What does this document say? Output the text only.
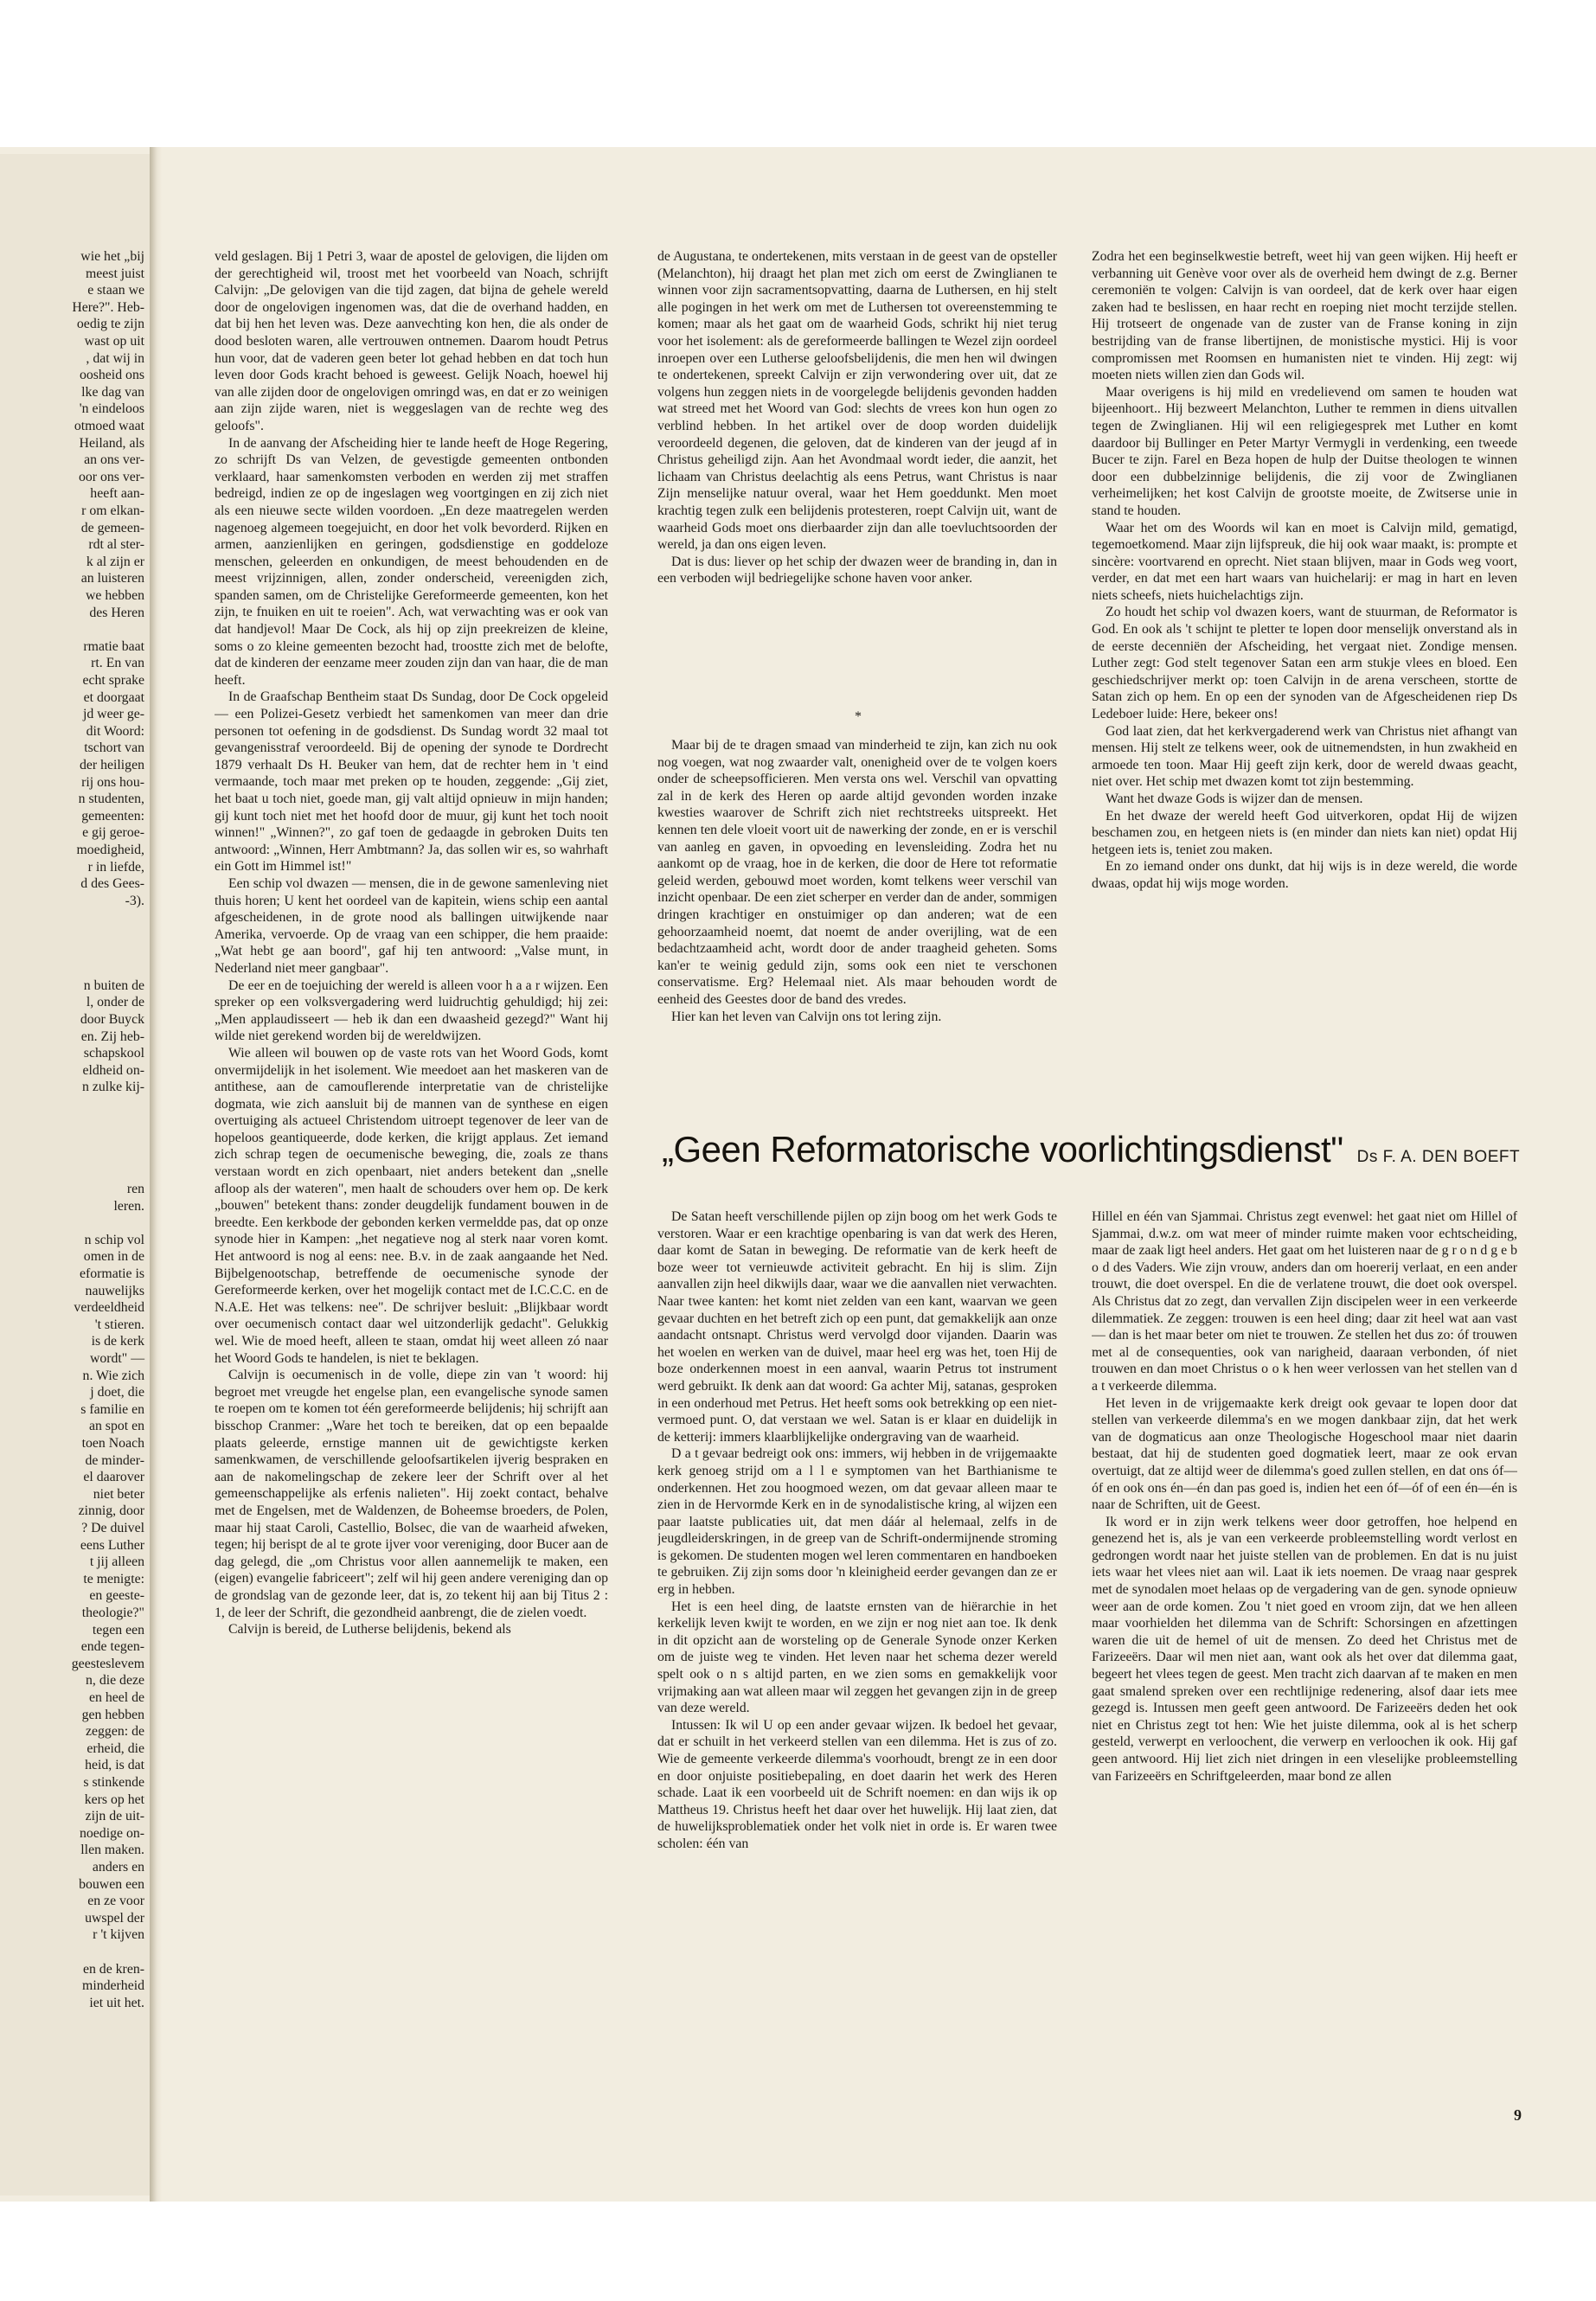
wie het „bij
meest juist
e staan we
Here?". Heb-
oedig te zijn
wast op uit
, dat wij in
oosheid ons
lke dag van
'n eindeloos
otmoed waat
Heiland, als
an ons ver-
oor ons ver-
heeft aan-
r om elkan-
de gemeen-
rdt al ster-
k al zijn er
an luisteren
we hebben
des Heren
rmatie baat
rt. En van
echt sprake
et doorgaat
jd weer ge-
dit Woord:
tschort van
der heiligen
rij ons hou-
n studenten,
gemeenten:
e gij geroe-
moedigheid,
r in liefde,
d des Gees-
-3).
n buiten de
l, onder de
door Buyck
en. Zij heb-
schapskool
eldheid on-
n zulke kij-
ren
leren.
n schip vol
omen in de
eformatie is
nauwelijks
verdeeldheid
't stieren.
is de kerk
wordt" —
n. Wie zich
j doet, die
s familie en
an spot en
toen Noach
de minder-
el daarover
niet beter
zinnig, door
? De duivel
eens Luther
t jij alleen
te menigte:
en geeste-
theologie?"
tegen een
ende tegen-
geesteslevem
n, die deze
en heel de
gen hebben
zeggen: de
erheid, die
heid, is dat
s stinkende
kers op het
zijn de uit-
noedige on-
llen maken.
anders en
bouwen een
en ze voor
uwspel der
r 't kijven
en de kren-
minderheid
iet uit het.

veld geslagen. Bij 1 Petri 3, waar de apostel de gelovigen, die lijden om der gerechtigheid wil, troost met het voorbeeld van Noach, schrijft Calvijn: „De gelovigen van die tijd zagen, dat bijna de gehele wereld door de ongelovigen ingenomen was, dat die de overhand hadden, en dat bij hen het leven was. Deze aanvechting kon hen, die als onder de dood besloten waren, alle vertrouwen ontnemen. Daarom houdt Petrus hun voor, dat de vaderen geen beter lot gehad hebben en dat toch hun leven door Gods kracht behoed is geweest. Gelijk Noach, hoewel hij van alle zijden door de ongelovigen omringd was, en dat er zo weinigen aan zijn zijde waren, niet is weggeslagen van de rechte weg des geloofs".

In de aanvang der Afscheiding hier te lande heeft de Hoge Regering, zo schrijft Ds van Velzen, de gevestigde gemeenten ontbonden verklaard, haar samenkomsten verboden en werden zij met straffen bedreigd, indien ze op de ingeslagen weg voortgingen en zij zich niet als een nieuwe secte wilden voordoen. „En deze maatregelen werden nagenoeg algemeen toegejuicht, en door het volk bevorderd. Rijken en armen, aanzienlijken en geringen, godsdienstige en goddeloze menschen, geleerden en onkundigen, de meest behoudenden en de meest vrijzinnigen, allen, zonder onderscheid, vereenigden zich, spanden samen, om de Christelijke Gereformeerde gemeenten, kon het zijn, te fnuiken en uit te roeien". Ach, wat verwachting was er ook van dat handjevol! Maar De Cock, als hij op zijn preekreizen de kleine, soms o zo kleine gemeenten bezocht had, troostte zich met de belofte, dat de kinderen der eenzame meer zouden zijn dan van haar, die de man heeft.

In de Graafschap Bentheim staat Ds Sundag, door De Cock opgeleid — een Polizei-Gesetz verbiedt het samenkomen van meer dan drie personen tot oefening in de godsdienst. Ds Sundag wordt 32 maal tot gevangenisstraf veroordeeld. Bij de opening der synode te Dordrecht 1879 verhaalt Ds H. Beuker van hem, dat de rechter hem in 't eind vermaande, toch maar met preken op te houden, zeggende: „Gij ziet, het baat u toch niet, goede man, gij valt altijd opnieuw in mijn handen; gij kunt toch niet met het hoofd door de muur, gij kunt het toch nooit winnen!" „Winnen?", zo gaf toen de gedaagde in gebroken Duits ten antwoord: „Winnen, Herr Ambtmann? Ja, das sollen wir es, so wahrhaft ein Gott im Himmel ist!"

Een schip vol dwazen — mensen, die in de gewone samenleving niet thuis horen; U kent het oordeel van de kapitein, wiens schip een aantal afgescheidenen, in de grote nood als ballingen uitwijkende naar Amerika, vervoerde. Op de vraag van een schipper, die hem praaide: „Wat hebt ge aan boord", gaf hij ten antwoord: „Valse munt, in Nederland niet meer gangbaar".

De eer en de toejuiching der wereld is alleen voor h a a r wijzen. Een spreker op een volksvergadering werd luidruchtig gehuldigd; hij zei: „Men applaudisseert — heb ik dan een dwaasheid gezegd?" Want hij wilde niet gerekend worden bij de wereldwijzen.

Wie alleen wil bouwen op de vaste rots van het Woord Gods, komt onvermijdelijk in het isolement. Wie meedoet aan het maskeren van de antithese, aan de camouflerende interpretatie van de christelijke dogmata, wie zich aansluit bij de mannen van de synthese en eigen overtuiging als actueel Christendom uitroept tegenover de leer van de hopeloos geantiqueerde, dode kerken, die krijgt applaus. Zet iemand zich schrap tegen de oecumenische beweging, die, zoals ze thans verstaan wordt en zich openbaart, niet anders betekent dan „snelle afloop als der wateren", men haalt de schouders over hem op. De kerk „bouwen" betekent thans: zonder deugdelijk fundament bouwen in de breedte. Een kerkbode der gebonden kerken vermeldde pas, dat op onze synode hier in Kampen: „het negatieve nog al sterk naar voren komt. Het antwoord is nog al eens: nee. B.v. in de zaak aangaande het Ned. Bijbelgenootschap, betreffende de oecumenische synode der Gereformeerde kerken, over het mogelijk contact met de I.C.C.C. en de N.A.E. Het was telkens: nee". De schrijver besluit: „Blijkbaar wordt over oecumenisch contact daar wel uitzonderlijk gedacht". Gelukkig wel. Wie de moed heeft, alleen te staan, omdat hij weet alleen zó naar het Woord Gods te handelen, is niet te beklagen.

Calvijn is oecumenisch in de volle, diepe zin van 't woord: hij begroet met vreugde het engelse plan, een evangelische synode samen te roepen om te komen tot één gereformeerde belijdenis; hij schrijft aan bisschop Cranmer: „Ware het toch te bereiken, dat op een bepaalde plaats geleerde, ernstige mannen uit de gewichtigste kerken samenkwamen, de verschillende geloofsartikelen ijverig bespraken en aan de nakomelingschap de zekere leer der Schrift over al het gemeenschappelijke als erfenis nalieten". Hij zoekt contact, behalve met de Engelsen, met de Waldenzen, de Boheemse broeders, de Polen, maar hij staat Caroli, Castellio, Bolsec, die van de waarheid afweken, tegen; hij berispt de al te grote ijver voor vereniging, door Bucer aan de dag gelegd, die „om Christus voor allen aannemelijk te maken, een (eigen) evangelie fabriceert"; zelf wil hij geen andere vereniging dan op de grondslag van de gezonde leer, dat is, zo tekent hij aan bij Titus 2 : 1, de leer der Schrift, die gezondheid aanbrengt, die de zielen voedt.

Calvijn is bereid, de Lutherse belijdenis, bekend als

de Augustana, te ondertekenen, mits verstaan in de geest van de opsteller (Melanchton), hij draagt het plan met zich om eerst de Zwinglianen te winnen voor zijn sacramentsopvatting, daarna de Luthersen, en hij stelt alle pogingen in het werk om met de Luthersen tot overeenstemming te komen; maar als het gaat om de waarheid Gods, schrikt hij niet terug voor het isolement: als de gereformeerde ballingen te Wezel zijn oordeel inroepen over een Lutherse geloofsbelijdenis, die men hen wil dwingen te ondertekenen, spreekt Calvijn er zijn verwondering over uit, dat ze volgens hun zeggen niets in de voorgelegde belijdenis gevonden hadden wat streed met het Woord van God: slechts de vrees kon hun ogen zo verblind hebben. In het artikel over de doop worden duidelijk veroordeeld degenen, die geloven, dat de kinderen van der jeugd af in Christus geheiligd zijn. Aan het Avondmaal wordt ieder, die aanzit, het lichaam van Christus deelachtig als eens Petrus, want Christus is naar Zijn menselijke natuur overal, waar het Hem goeddunkt. Men moet krachtig tegen zulk een belijdenis protesteren, roept Calvijn uit, want de waarheid Gods moet ons dierbaarder zijn dan alle toevluchtsoorden der wereld, ja dan ons eigen leven.

Dat is dus: liever op het schip der dwazen weer de branding in, dan in een verboden wijl bedriegelijke schone haven voor anker.

*

Maar bij de te dragen smaad van minderheid te zijn, kan zich nu ook nog voegen, wat nog zwaarder valt, onenigheid over de te volgen koers onder de scheepsofficieren. Men versta ons wel. Verschil van opvatting zal in de kerk des Heren op aarde altijd gevonden worden inzake kwesties waarover de Schrift zich niet rechtstreeks uitspreekt. Het kennen ten dele vloeit voort uit de nawerking der zonde, en er is verschil van aanleg en gaven, in opvoeding en levensleiding. Zodra het nu aankomt op de vraag, hoe in de kerken, die door de Here tot reformatie geleid werden, gebouwd moet worden, komt telkens weer verschil van inzicht openbaar. De een ziet scherper en verder dan de ander, sommigen dringen krachtiger en onstuimiger op dan anderen; wat de een gehoorzaamheid noemt, dat noemt de ander overijling, wat de een bedachtzaamheid acht, wordt door de ander traagheid geheten. Soms kan'er te weinig geduld zijn, soms ook een niet te verschonen conservatisme. Erg? Helemaal niet. Als maar behouden wordt de eenheid des Geestes door de band des vredes.

Hier kan het leven van Calvijn ons tot lering zijn.

Zodra het een beginselkwestie betreft, weet hij van geen wijken. Hij heeft er verbanning uit Genève voor over als de overheid hem dwingt de z.g. Berner ceremoniën te volgen: Calvijn is van oordeel, dat de kerk over haar eigen zaken had te beslissen, en haar recht en roeping niet mocht terzijde stellen. Hij trotseert de ongenade van de zuster van de Franse koning in zijn bestrijding van de franse libertijnen, de monistische mystici. Hij is voor compromissen met Roomsen en humanisten niet te vinden. Hij zegt: wij moeten niets willen zien dan Gods wil.

Maar overigens is hij mild en vredelievend om samen te houden wat bijeenhoort.. Hij bezweert Melanchton, Luther te remmen in diens uitvallen tegen de Zwinglianen. Hij wil een religiegesprek met Luther en komt daardoor bij Bullinger en Peter Martyr Vermygli in verdenking, een tweede Bucer te zijn. Farel en Beza hopen de hulp der Duitse theologen te winnen door een dubbelzinnige belijdenis, die zij voor de Zwinglianen verheimelijken; het kost Calvijn de grootste moeite, de Zwitserse unie in stand te houden.

Waar het om des Woords wil kan en moet is Calvijn mild, gematigd, tegemoetkomend. Maar zijn lijfspreuk, die hij ook waar maakt, is: prompte et sincère: voortvarend en oprecht. Niet staan blijven, maar in Gods weg voort, verder, en dat met een hart waars van huichelarij: er mag in hart en leven niets scheefs, niets huichelachtigs zijn.

Zo houdt het schip vol dwazen koers, want de stuurman, de Reformator is God. En ook als 't schijnt te pletter te lopen door menselijk onverstand als in de eerste decenniën der Afscheiding, het vergaat niet. Zondige mensen. Luther zegt: God stelt tegenover Satan een arm stukje vlees en bloed. Een geschiedschrijver merkt op: toen Calvijn in de arena verscheen, stortte de Satan zich op hem. En op een der synoden van de Afgescheidenen riep Ds Ledeboer luide: Here, bekeer ons!

God laat zien, dat het kerkvergaderend werk van Christus niet afhangt van mensen. Hij stelt ze telkens weer, ook de uitnemendsten, in hun zwakheid en armoede ten toon. Maar Hij geeft zijn kerk, door de wereld dwaas geacht, niet over. Het schip met dwazen komt tot zijn bestemming.

Want het dwaze Gods is wijzer dan de mensen.

En het dwaze der wereld heeft God uitverkoren, opdat Hij de wijzen beschamen zou, en hetgeen niets is (en minder dan niets kan niet) opdat Hij hetgeen iets is, teniet zou maken.

En zo iemand onder ons dunkt, dat hij wijs is in deze wereld, die worde dwaas, opdat hij wijs moge worden.

„Geen Reformatorische voorlichtingsdienst" Ds F. A. DEN BOEFT

De Satan heeft verschillende pijlen op zijn boog om het werk Gods te verstoren. Waar er een krachtige openbaring is van dat werk des Heren, daar komt de Satan in beweging. De reformatie van de kerk heeft de boze weer tot vernieuwde activiteit gebracht. En hij is slim. Zijn aanvallen zijn heel dikwijls daar, waar we die aanvallen niet verwachten. Naar twee kanten: het komt niet zelden van een kant, waarvan we geen gevaar duchten en het betreft zich op een punt, dat gemakkelijk aan onze aandacht ontsnapt. Christus werd vervolgd door vijanden. Daarin was het woelen en werken van de duivel, maar heel erg was het, toen Hij de boze onderkennen moest in een aanval, waarin Petrus tot instrument werd gebruikt. Ik denk aan dat woord: Ga achter Mij, satanas, gesproken in een onderhoud met Petrus. Het heeft soms ook betrekking op een niet-vermoed punt. O, dat verstaan we wel. Satan is er klaar en duidelijk in de ketterij: immers klaarblijkelijke ondergraving van de waarheid.

D a t gevaar bedreigt ook ons: immers, wij hebben in de vrijgemaakte kerk genoeg strijd om a l l e symptomen van het Barthianisme te onderkennen. Het zou hoogmoed wezen, om dat gevaar alleen maar te zien in de Hervormde Kerk en in de synodalistische kring, al wijzen een paar laatste publicaties uit, dat men dáár al helemaal, zelfs in de jeugdleiderskringen, in de greep van de Schrift-ondermijnende stroming is gekomen. De studenten mogen wel leren commentaren en handboeken te gebruiken. Zij zijn soms door 'n kleinigheid eerder gevangen dan ze er erg in hebben.

Het is een heel ding, de laatste ernsten van de hiërarchie in het kerkelijk leven kwijt te worden, en we zijn er nog niet aan toe. Ik denk in dit opzicht aan de worsteling op de Generale Synode onzer Kerken om de juiste weg te vinden. Het leven naar het schema dezer wereld spelt ook o n s altijd parten, en we zien soms en gemakkelijk voor vrijmaking aan wat alleen maar wil zeggen het gevangen zijn in de greep van deze wereld.

Intussen: Ik wil U op een ander gevaar wijzen. Ik bedoel het gevaar, dat er schuilt in het verkeerd stellen van een dilemma. Het is zus of zo. Wie de gemeente verkeerde dilemma's voorhoudt, brengt ze in een door en door onjuiste positiebepaling, en doet daarin het werk des Heren schade. Laat ik een voorbeeld uit de Schrift noemen: en dan wijs ik op Mattheus 19. Christus heeft het daar over het huwelijk. Hij laat zien, dat de huwelijksproblematiek onder het volk niet in orde is. Er waren twee scholen: één van

Hillel en één van Sjammai. Christus zegt evenwel: het gaat niet om Hillel of Sjammai, d.w.z. om wat meer of minder ruimte maken voor echtscheiding, maar de zaak ligt heel anders. Het gaat om het luisteren naar de g r o n d g e b o d des Vaders. Wie zijn vrouw, anders dan om hoererij verlaat, en een ander trouwt, die doet overspel. En die de verlatene trouwt, die doet ook overspel. Als Christus dat zo zegt, dan vervallen Zijn discipelen weer in een verkeerde dilemmatiek. Ze zeggen: trouwen is een heel ding; daar zit heel wat aan vast — dan is het maar beter om niet te trouwen. Ze stellen het dus zo: óf trouwen met al de consequenties, ook van narigheid, daaraan verbonden, óf niet trouwen en dan moet Christus o o k hen weer verlossen van het stellen van d a t verkeerde dilemma.

Het leven in de vrijgemaakte kerk dreigt ook gevaar te lopen door dat stellen van verkeerde dilemma's en we mogen dankbaar zijn, dat het werk van de dogmaticus aan onze Theologische Hogeschool maar niet daarin bestaat, dat hij de studenten goed dogmatiek leert, maar ze ook ervan overtuigt, dat ze altijd weer de dilemma's goed zullen stellen, en dat ons óf—óf en ook ons én—én dan pas goed is, indien het een óf—óf of een én—én is naar de Schriften, uit de Geest.

Ik word er in zijn werk telkens weer door getroffen, hoe helpend en genezend het is, als je van een verkeerde probleemstelling wordt verlost en gedrongen wordt naar het juiste stellen van de problemen. En dat is nu juist iets waar het vlees niet aan wil. Laat ik iets noemen. De vraag naar gesprek met de synodalen moet helaas op de vergadering van de gen. synode opnieuw weer aan de orde komen. Zou 't niet goed en vroom zijn, dat we hen alleen maar voorhielden het dilemma van de Schrift: Schorsingen en afzettingen waren die uit de hemel of uit de mensen. Zo deed het Christus met de Farizeeërs. Daar wil men niet aan, want ook als het over dat dilemma gaat, begeert het vlees tegen de geest. Men tracht zich daarvan af te maken en men gaat smalend spreken over een rechtlijnige redenering, alsof daar iets mee gezegd is. Intussen men geeft geen antwoord. De Farizeeërs deden het ook niet en Christus zegt tot hen: Wie het juiste dilemma, ook al is het scherp gesteld, verwerpt en verloochent, die verwerp en verloochen ik ook. Hij gaf geen antwoord. Hij liet zich niet dringen in een vleselijke probleemstelling van Farizeeërs en Schriftgeleerden, maar bond ze allen

9
